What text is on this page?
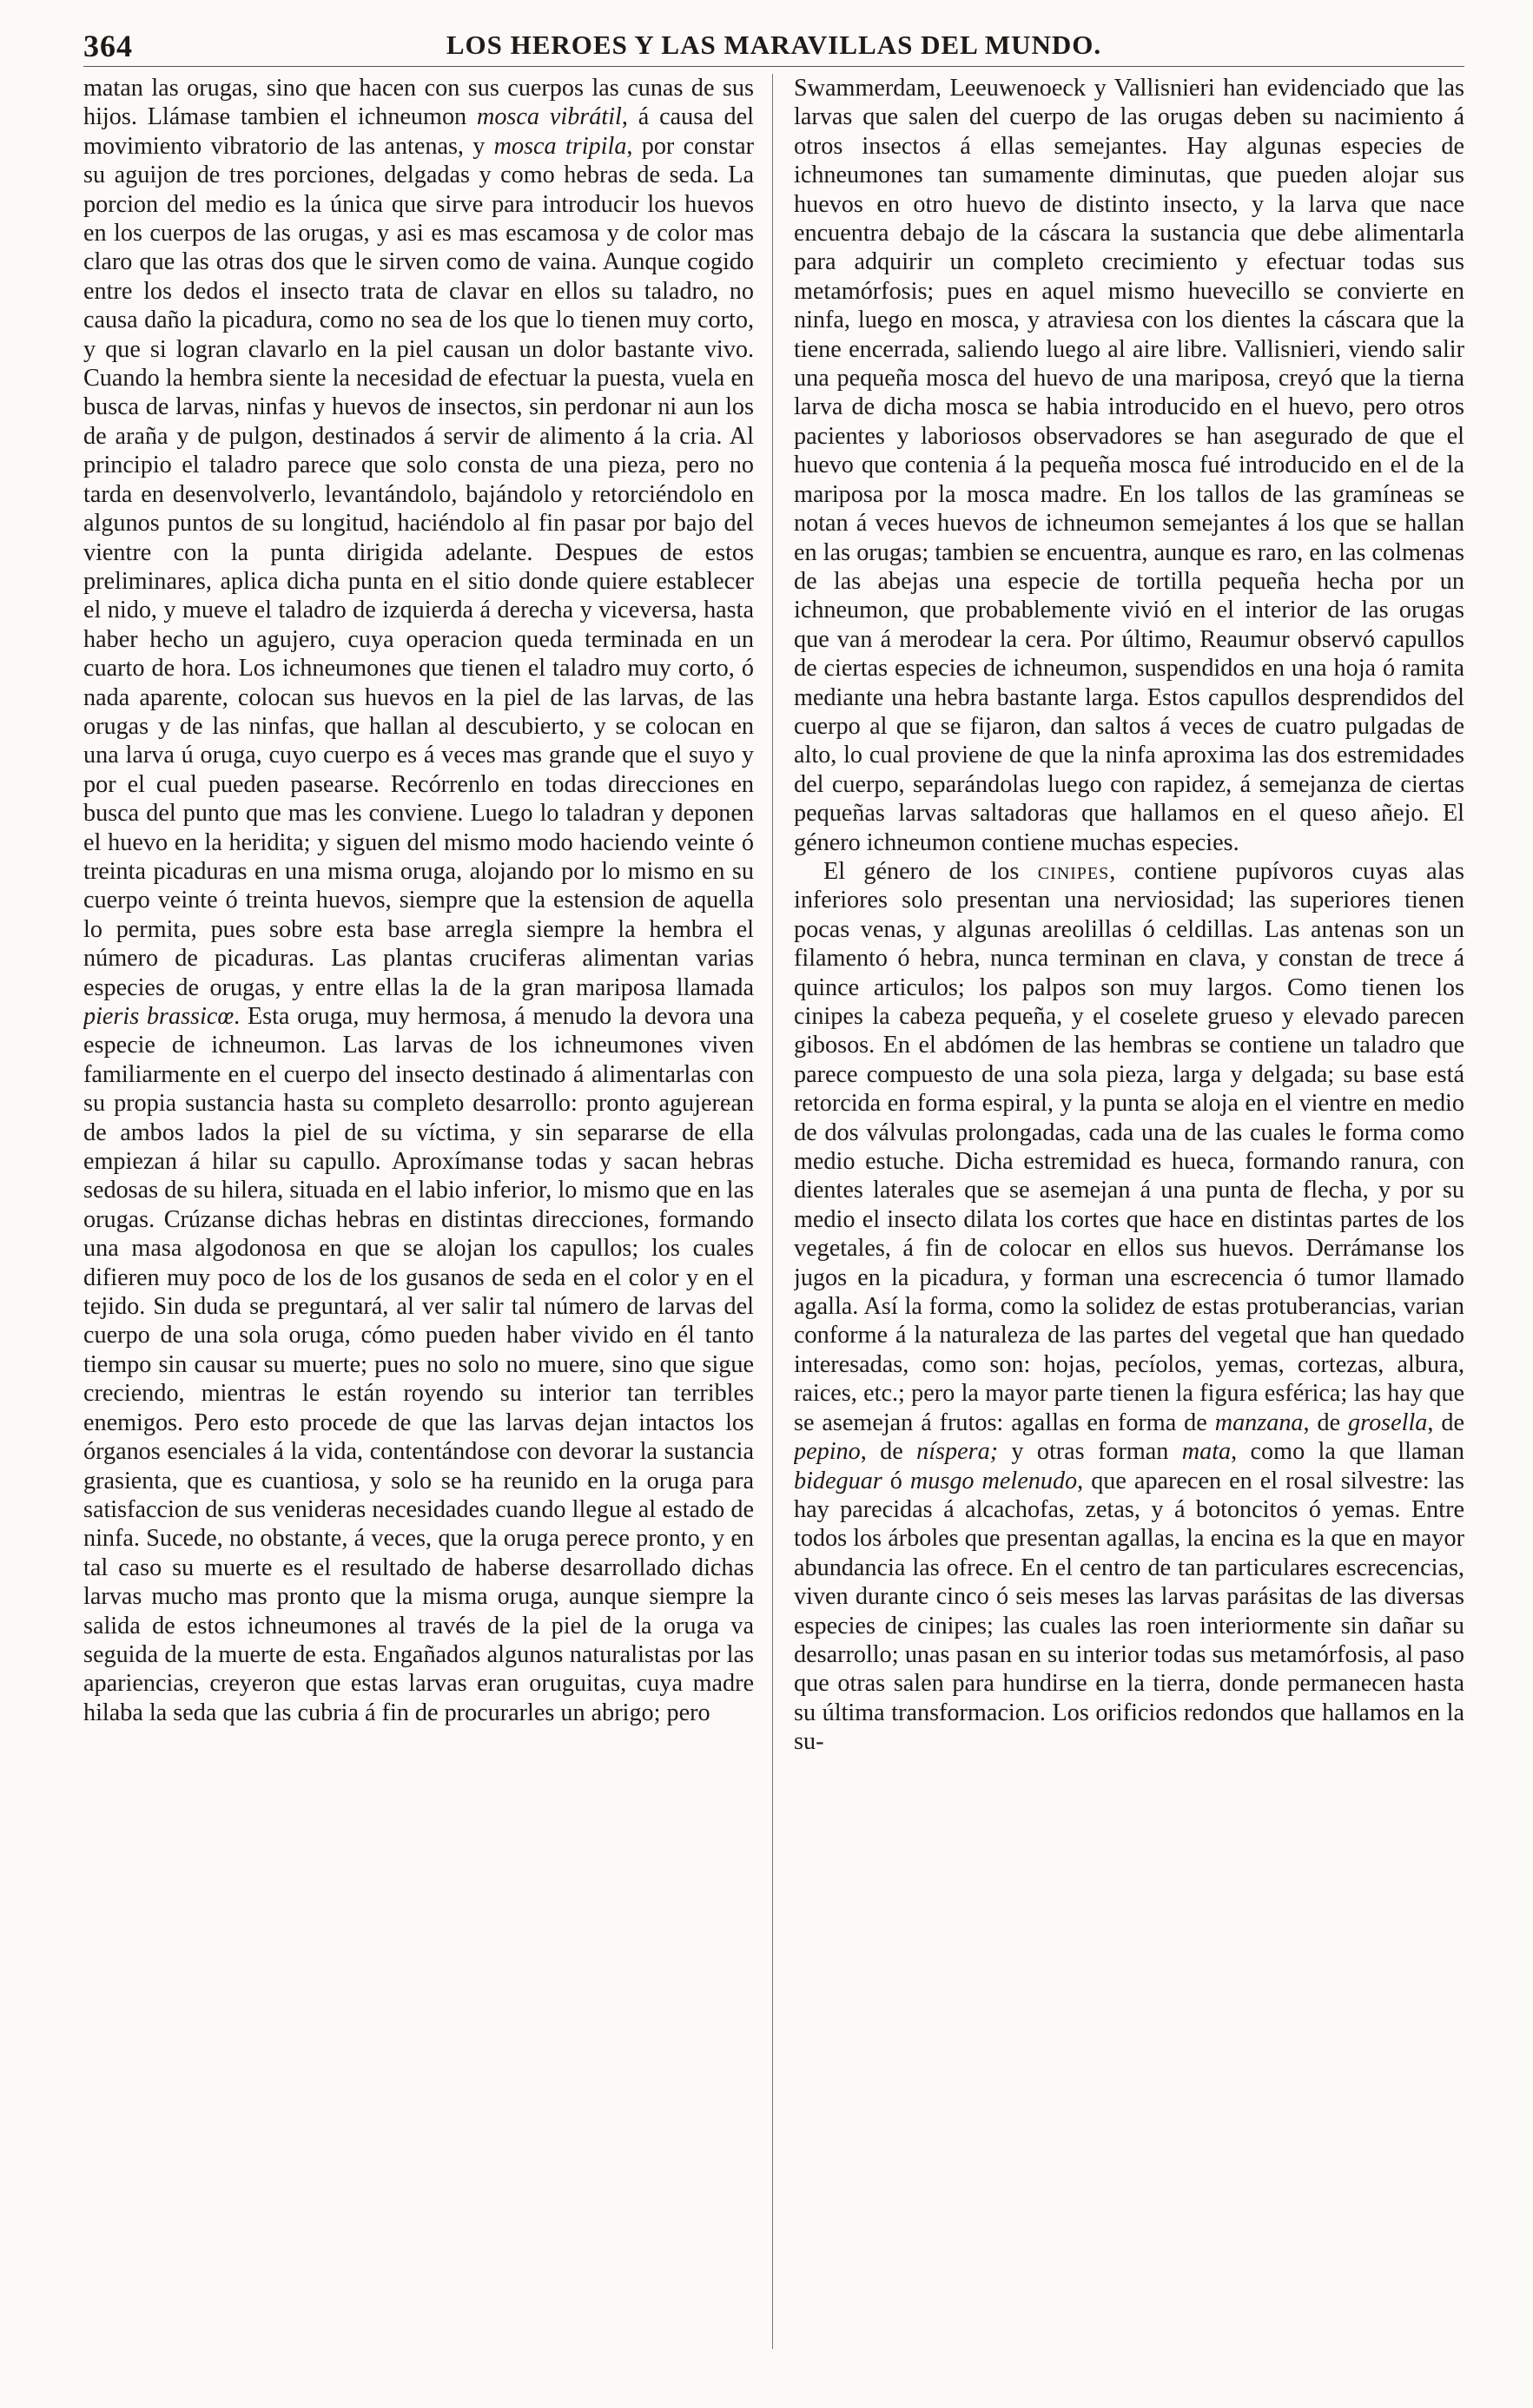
364	LOS HEROES Y LAS MARAVILLAS DEL MUNDO.

matan las orugas, sino que hacen con sus cuerpos las cunas de sus hijos. Llámase tambien el ichneumon mosca vibrátil, á causa del movimiento vibratorio de las antenas, y mosca tripila, por constar su aguijon de tres porciones, delgadas y como hebras de seda. La porcion del medio es la única que sirve para introducir los huevos en los cuerpos de las orugas, y asi es mas escamosa y de color mas claro que las otras dos que le sirven como de vaina. Aunque cogido entre los dedos el insecto trata de clavar en ellos su taladro, no causa daño la picadura, como no sea de los que lo tienen muy corto, y que si logran clavarlo en la piel causan un dolor bastante vivo. Cuando la hembra siente la necesidad de efectuar la puesta, vuela en busca de larvas, ninfas y huevos de insectos, sin perdonar ni aun los de araña y de pulgon, destinados á servir de alimento á la cria. Al principio el taladro parece que solo consta de una pieza, pero no tarda en desenvolverlo, levantándolo, bajándolo y retorciéndolo en algunos puntos de su longitud, haciéndolo al fin pasar por bajo del vientre con la punta dirigida adelante. Despues de estos preliminares, aplica dicha punta en el sitio donde quiere establecer el nido, y mueve el taladro de izquierda á derecha y viceversa, hasta haber hecho un agujero, cuya operacion queda terminada en un cuarto de hora. Los ichneumones que tienen el taladro muy corto, ó nada aparente, colocan sus huevos en la piel de las larvas, de las orugas y de las ninfas, que hallan al descubierto, y se colocan en una larva ú oruga, cuyo cuerpo es á veces mas grande que el suyo y por el cual pueden pasearse. Recórrenlo en todas direcciones en busca del punto que mas les conviene. Luego lo taladran y deponen el huevo en la heridita; y siguen del mismo modo haciendo veinte ó treinta picaduras en una misma oruga, alojando por lo mismo en su cuerpo veinte ó treinta huevos, siempre que la estension de aquella lo permita, pues sobre esta base arregla siempre la hembra el número de picaduras. Las plantas cruciferas alimentan varias especies de orugas, y entre ellas la de la gran mariposa llamada pieris brassicœ. Esta oruga, muy hermosa, á menudo la devora una especie de ichneumon. Las larvas de los ichneumones viven familiarmente en el cuerpo del insecto destinado á alimentarlas con su propia sustancia hasta su completo desarrollo: pronto agujerean de ambos lados la piel de su víctima, y sin separarse de ella empiezan á hilar su capullo. Aproxímanse todas y sacan hebras sedosas de su hilera, situada en el labio inferior, lo mismo que en las orugas. Crúzanse dichas hebras en distintas direcciones, formando una masa algodonosa en que se alojan los capullos; los cuales difieren muy poco de los de los gusanos de seda en el color y en el tejido. Sin duda se preguntará, al ver salir tal número de larvas del cuerpo de una sola oruga, cómo pueden haber vivido en él tanto tiempo sin causar su muerte; pues no solo no muere, sino que sigue creciendo, mientras le están royendo su interior tan terribles enemigos. Pero esto procede de que las larvas dejan intactos los órganos esenciales á la vida, contentándose con devorar la sustancia grasienta, que es cuantiosa, y solo se ha reunido en la oruga para satisfaccion de sus venideras necesidades cuando llegue al estado de ninfa. Sucede, no obstante, á veces, que la oruga perece pronto, y en tal caso su muerte es el resultado de haberse desarrollado dichas larvas mucho mas pronto que la misma oruga, aunque siempre la salida de estos ichneumones al través de la piel de la oruga va seguida de la muerte de esta. Engañados algunos naturalistas por las apariencias, creyeron que estas larvas eran oruguitas, cuya madre hilaba la seda que las cubria á fin de procurarles un abrigo; pero

Swammerdam, Leeuwenoeck y Vallisnieri han evidenciado que las larvas que salen del cuerpo de las orugas deben su nacimiento á otros insectos á ellas semejantes. Hay algunas especies de ichneumones tan sumamente diminutas, que pueden alojar sus huevos en otro huevo de distinto insecto, y la larva que nace encuentra debajo de la cáscara la sustancia que debe alimentarla para adquirir un completo crecimiento y efectuar todas sus metamórfosis; pues en aquel mismo huevecillo se convierte en ninfa, luego en mosca, y atraviesa con los dientes la cáscara que la tiene encerrada, saliendo luego al aire libre. Vallisnieri, viendo salir una pequeña mosca del huevo de una mariposa, creyó que la tierna larva de dicha mosca se habia introducido en el huevo, pero otros pacientes y laboriosos observadores se han asegurado de que el huevo que contenia á la pequeña mosca fué introducido en el de la mariposa por la mosca madre. En los tallos de las gramíneas se notan á veces huevos de ichneumon semejantes á los que se hallan en las orugas; tambien se encuentra, aunque es raro, en las colmenas de las abejas una especie de tortilla pequeña hecha por un ichneumon, que probablemente vivió en el interior de las orugas que van á merodear la cera. Por último, Reaumur observó capullos de ciertas especies de ichneumon, suspendidos en una hoja ó ramita mediante una hebra bastante larga. Estos capullos desprendidos del cuerpo al que se fijaron, dan saltos á veces de cuatro pulgadas de alto, lo cual proviene de que la ninfa aproxima las dos estremidades del cuerpo, separándolas luego con rapidez, á semejanza de ciertas pequeñas larvas saltadoras que hallamos en el queso añejo. El género ichneumon contiene muchas especies.

El género de los cinipes, contiene pupívoros cuyas alas inferiores solo presentan una nerviosidad; las superiores tienen pocas venas, y algunas areolillas ó celdillas. Las antenas son un filamento ó hebra, nunca terminan en clava, y constan de trece á quince articulos; los palpos son muy largos. Como tienen los cinipes la cabeza pequeña, y el coselete grueso y elevado parecen gibosos. En el abdómen de las hembras se contiene un taladro que parece compuesto de una sola pieza, larga y delgada; su base está retorcida en forma espiral, y la punta se aloja en el vientre en medio de dos válvulas prolongadas, cada una de las cuales le forma como medio estuche. Dicha estremidad es hueca, formando ranura, con dientes laterales que se asemejan á una punta de flecha, y por su medio el insecto dilata los cortes que hace en distintas partes de los vegetales, á fin de colocar en ellos sus huevos. Derrámanse los jugos en la picadura, y forman una escrecencia ó tumor llamado agalla. Así la forma, como la solidez de estas protuberancias, varian conforme á la naturaleza de las partes del vegetal que han quedado interesadas, como son: hojas, pecíolos, yemas, cortezas, albura, raices, etc.; pero la mayor parte tienen la figura esférica; las hay que se asemejan á frutos: agallas en forma de manzana, de grosella, de pepino, de níspera; y otras forman mata, como la que llaman bideguar ó musgo melenudo, que aparecen en el rosal silvestre: las hay parecidas á alcachofas, zetas, y á botoncitos ó yemas. Entre todos los árboles que presentan agallas, la encina es la que en mayor abundancia las ofrece. En el centro de tan particulares escrecencias, viven durante cinco ó seis meses las larvas parásitas de las diversas especies de cinipes; las cuales las roen interiormente sin dañar su desarrollo; unas pasan en su interior todas sus metamórfosis, al paso que otras salen para hundirse en la tierra, donde permanecen hasta su última transformacion. Los orificios redondos que hallamos en la su-
